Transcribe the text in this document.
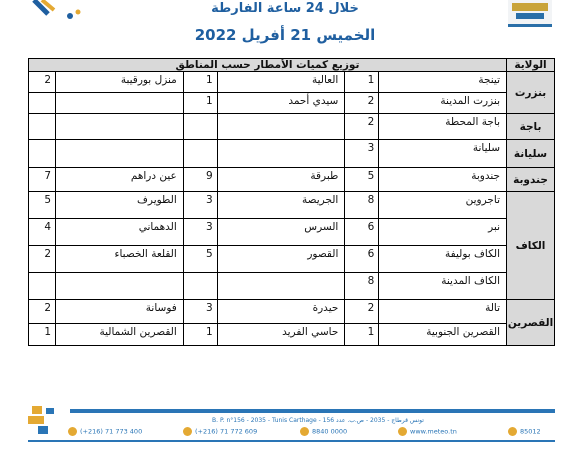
خلال 24 ساعة الفارطة
الخميس 21 أفريل 2022
الولاية	توزيع كميات الأمطار حسب المناطق					
بنزرت	تينجة	1	العالية	1	منزل بورقيبة	2
	بنزرت المدينة	2	سيدي أحمد	1		
باجة	باجة المحطة	2				
سليانة	سليانة	3				
جندوبة	جندوبة	5	طبرقة	9	عين دراهم	7
الكاف	تاجروين	8	الجريصة	3	الطويرف	5
	نبر	6	السرس	3	الدهماني	4
	الكاف بوليفة	6	القصور	5	القلعة الخصباء	2
	الكاف المدينة	8				
القصرين	تالة	2	حيدرة	3	فوسانة	2
	القصرين الجنوبية	1	حاسي الفريد	1	القصرين الشمالية	1
B. P. n°156 - 2035 - Tunis Carthage - تونس قرطاج - 2035 - ص.ب. عدد 156
(+216) 71 773 400	(+216) 71 772 609	8840 0000	www.meteo.tn	85012
